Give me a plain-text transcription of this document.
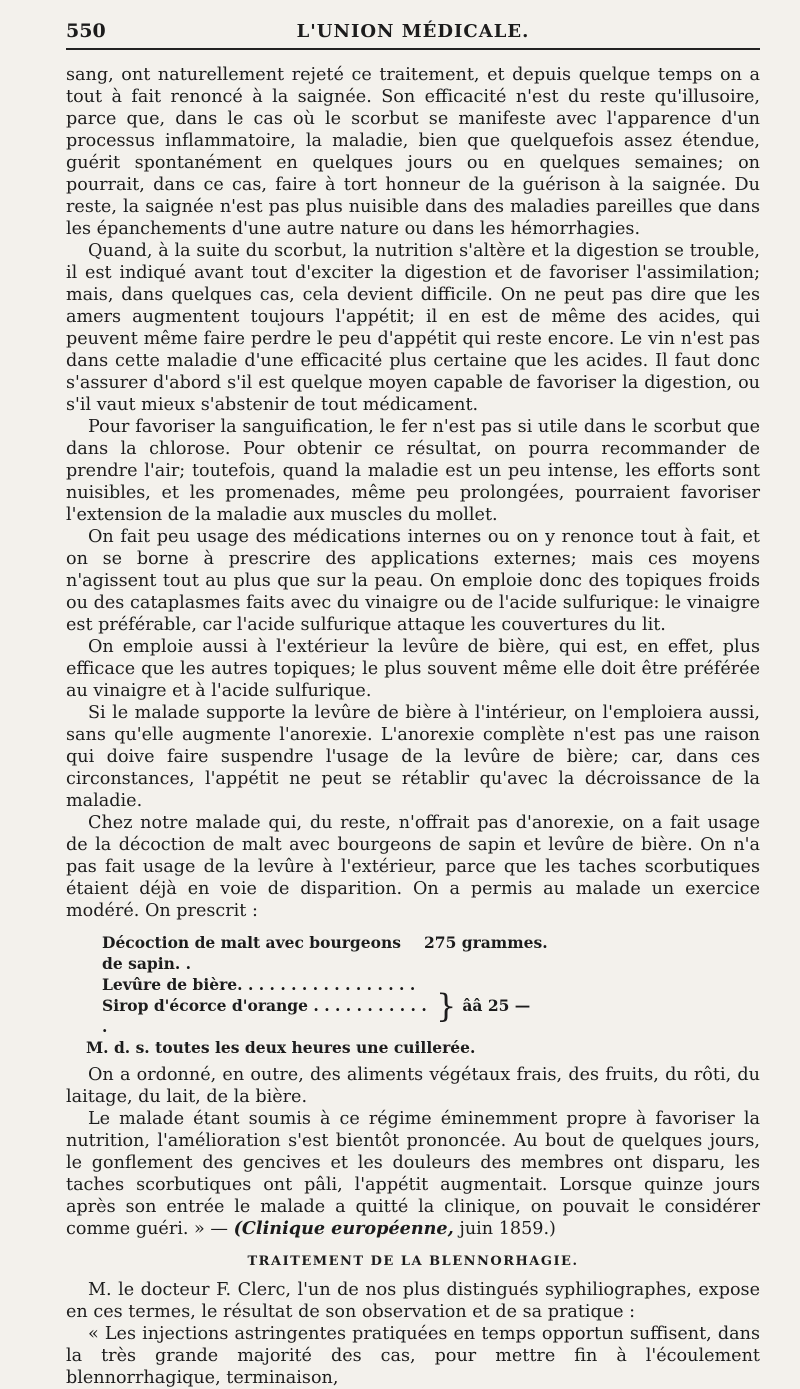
550	L'UNION MÉDICALE.

sang, ont naturellement rejeté ce traitement, et depuis quelque temps on a tout à fait renoncé à la saignée. Son efficacité n'est du reste qu'illusoire, parce que, dans le cas où le scorbut se manifeste avec l'apparence d'un processus inflammatoire, la maladie, bien que quelquefois assez étendue, guérit spontanément en quelques jours ou en quelques semaines; on pourrait, dans ce cas, faire à tort honneur de la guérison à la saignée. Du reste, la saignée n'est pas plus nuisible dans des maladies pareilles que dans les épanchements d'une autre nature ou dans les hémorrhagies.

Quand, à la suite du scorbut, la nutrition s'altère et la digestion se trouble, il est indiqué avant tout d'exciter la digestion et de favoriser l'assimilation; mais, dans quelques cas, cela devient difficile. On ne peut pas dire que les amers augmentent toujours l'appétit; il en est de même des acides, qui peuvent même faire perdre le peu d'appétit qui reste encore. Le vin n'est pas dans cette maladie d'une efficacité plus certaine que les acides. Il faut donc s'assurer d'abord s'il est quelque moyen capable de favoriser la digestion, ou s'il vaut mieux s'abstenir de tout médicament.

Pour favoriser la sanguification, le fer n'est pas si utile dans le scorbut que dans la chlorose. Pour obtenir ce résultat, on pourra recommander de prendre l'air; toutefois, quand la maladie est un peu intense, les efforts sont nuisibles, et les promenades, même peu prolongées, pourraient favoriser l'extension de la maladie aux muscles du mollet.

On fait peu usage des médications internes ou on y renonce tout à fait, et on se borne à prescrire des applications externes; mais ces moyens n'agissent tout au plus que sur la peau. On emploie donc des topiques froids ou des cataplasmes faits avec du vinaigre ou de l'acide sulfurique: le vinaigre est préférable, car l'acide sulfurique attaque les couvertures du lit.

On emploie aussi à l'extérieur la levûre de bière, qui est, en effet, plus efficace que les autres topiques; le plus souvent même elle doit être préférée au vinaigre et à l'acide sulfurique.

Si le malade supporte la levûre de bière à l'intérieur, on l'emploiera aussi, sans qu'elle augmente l'anorexie. L'anorexie complète n'est pas une raison qui doive faire suspendre l'usage de la levûre de bière; car, dans ces circonstances, l'appétit ne peut se rétablir qu'avec la décroissance de la maladie.

Chez notre malade qui, du reste, n'offrait pas d'anorexie, on a fait usage de la décoction de malt avec bourgeons de sapin et levûre de bière. On n'a pas fait usage de la levûre à l'extérieur, parce que les taches scorbutiques étaient déjà en voie de disparition. On a permis au malade un exercice modéré. On prescrit :

Décoction de malt avec bourgeons de sapin. .
275 grammes.
Levûre de bière. . . . . . . . . . . . . . . . .
Sirop d'écorce d'orange . . . . . . . . . . . .
} ââ 25 —
M. d. s. toutes les deux heures une cuillerée.

On a ordonné, en outre, des aliments végétaux frais, des fruits, du rôti, du laitage, du lait, de la bière.

Le malade étant soumis à ce régime éminemment propre à favoriser la nutrition, l'amélioration s'est bientôt prononcée. Au bout de quelques jours, le gonflement des gencives et les douleurs des membres ont disparu, les taches scorbutiques ont pâli, l'appétit augmentait. Lorsque quinze jours après son entrée le malade a quitté la clinique, on pouvait le considérer comme guéri. » — (Clinique européenne, juin 1859.)

TRAITEMENT DE LA BLENNORHAGIE.

M. le docteur F. Clerc, l'un de nos plus distingués syphiliographes, expose en ces termes, le résultat de son observation et de sa pratique :

« Les injections astringentes pratiquées en temps opportun suffisent, dans la très grande majorité des cas, pour mettre fin à l'écoulement blennorrhagique, terminaison,
